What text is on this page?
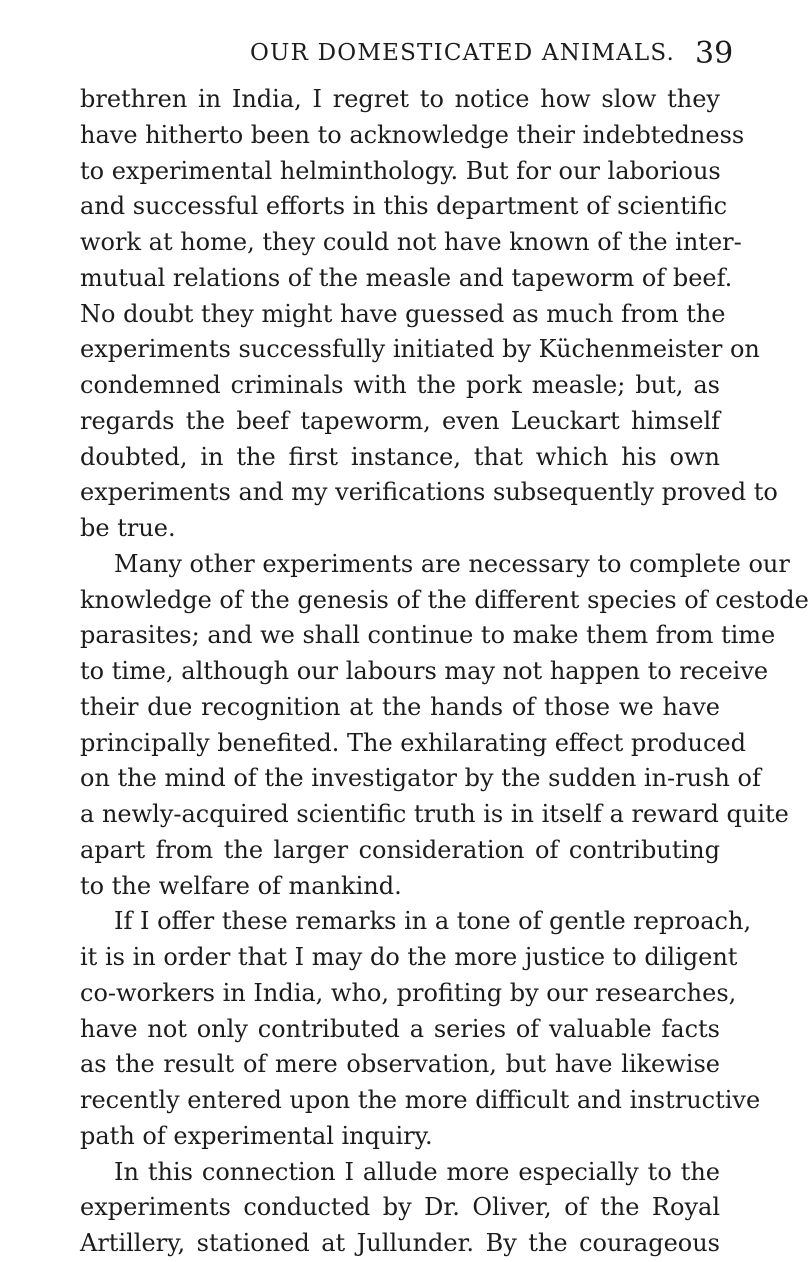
OUR DOMESTICATED ANIMALS. 39
brethren in India, I regret to notice how slow they
have hitherto been to acknowledge their indebtedness
to experimental helminthology. But for our laborious
and successful efforts in this department of scientific
work at home, they could not have known of the inter-
mutual relations of the measle and tapeworm of beef.
No doubt they might have guessed as much from the
experiments successfully initiated by Küchenmeister on
condemned criminals with the pork measle; but, as
regards the beef tapeworm, even Leuckart himself
doubted, in the first instance, that which his own
experiments and my verifications subsequently proved to
be true.
Many other experiments are necessary to complete our
knowledge of the genesis of the different species of cestode
parasites; and we shall continue to make them from time
to time, although our labours may not happen to receive
their due recognition at the hands of those we have
principally benefited. The exhilarating effect produced
on the mind of the investigator by the sudden in-rush of
a newly-acquired scientific truth is in itself a reward quite
apart from the larger consideration of contributing
to the welfare of mankind.
If I offer these remarks in a tone of gentle reproach,
it is in order that I may do the more justice to diligent
co-workers in India, who, profiting by our researches,
have not only contributed a series of valuable facts
as the result of mere observation, but have likewise
recently entered upon the more difficult and instructive
path of experimental inquiry.
In this connection I allude more especially to the
experiments conducted by Dr. Oliver, of the Royal
Artillery, stationed at Jullunder. By the courageous
